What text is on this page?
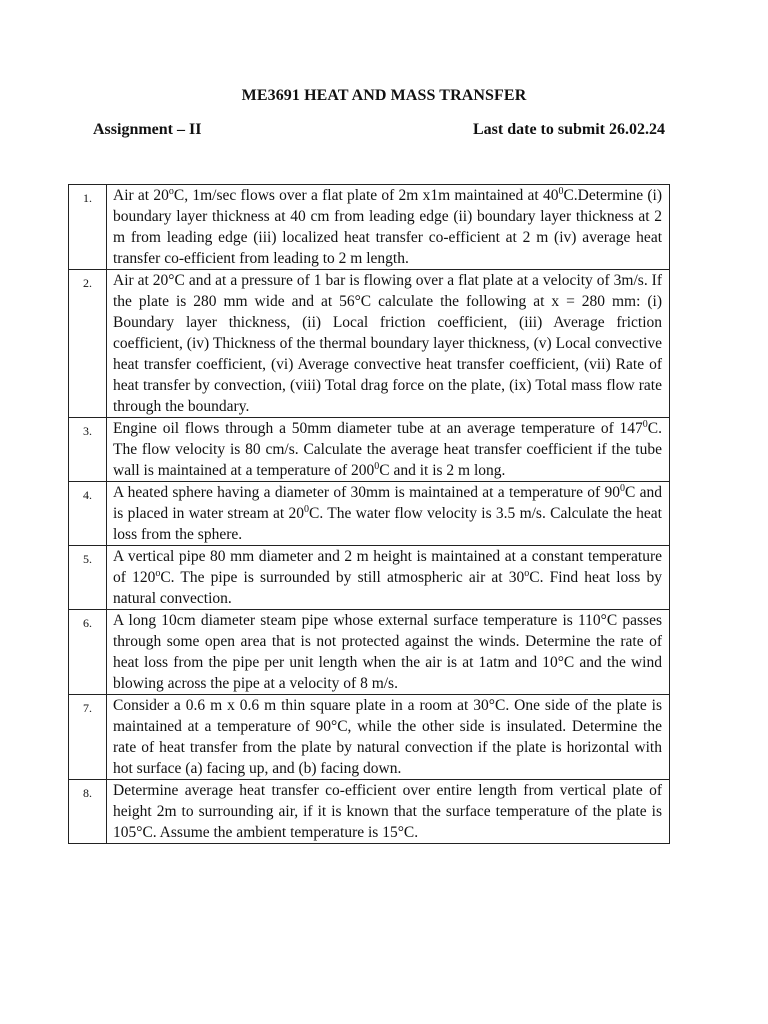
ME3691 HEAT AND MASS TRANSFER
Assignment – II	Last date to submit 26.02.24
1.	Air at 20$^o$C, 1m/sec flows over a flat plate of 2m x1m maintained at $40^0C.Determine$ (i) boundary layer thickness at 40 cm from leading edge (ii) boundary layer thickness at 2 m from leading edge (iii) localized heat transfer co-efficient at 2 m (iv) average heat transfer co-efficient from leading to 2 m length.
2.	Air at 20°C and at a pressure of 1 bar is flowing over a flat plate at a velocity of 3m/s. If the plate is 280 mm wide and at 56°C calculate the following at x = 280 mm: (i) Boundary layer thickness, (ii) Local friction coefficient, (iii) Average friction coefficient, (iv) Thickness of the thermal boundary layer thickness, (v) Local convective heat transfer coefficient, (vi) Average convective heat transfer coefficient, (vii) Rate of heat transfer by convection, (viii) Total drag force on the plate, (ix) Total mass flow rate through the boundary.
3.	Engine oil flows through a 50mm diameter tube at an average temperature of $147^0C$. The flow velocity is 80 cm/s. Calculate the average heat transfer coefficient if the tube wall is maintained at a temperature of $200^0C$ and it is 2 m long.
4.	A heated sphere having a diameter of 30mm is maintained at a temperature of $90^0C$ and is placed in water stream at $20^0C$. The water flow velocity is 3.5 m/s. Calculate the heat loss from the sphere.
5.	A vertical pipe 80 mm diameter and 2 m height is maintained at a constant temperature of 120$^o$C. The pipe is surrounded by still atmospheric air at 30$^o$C. Find heat loss by natural convection.
6.	A long 10cm diameter steam pipe whose external surface temperature is 110°C passes through some open area that is not protected against the winds. Determine the rate of heat loss from the pipe per unit length when the air is at 1atm and 10°C and the wind blowing across the pipe at a velocity of 8 m/s.
7.	Consider a 0.6 m x 0.6 m thin square plate in a room at 30°C. One side of the plate is maintained at a temperature of 90°C, while the other side is insulated. Determine the rate of heat transfer from the plate by natural convection if the plate is horizontal with hot surface (a) facing up, and (b) facing down.
8.	Determine average heat transfer co-efficient over entire length from vertical plate of height 2m to surrounding air, if it is known that the surface temperature of the plate is 105°C. Assume the ambient temperature is 15°C.
